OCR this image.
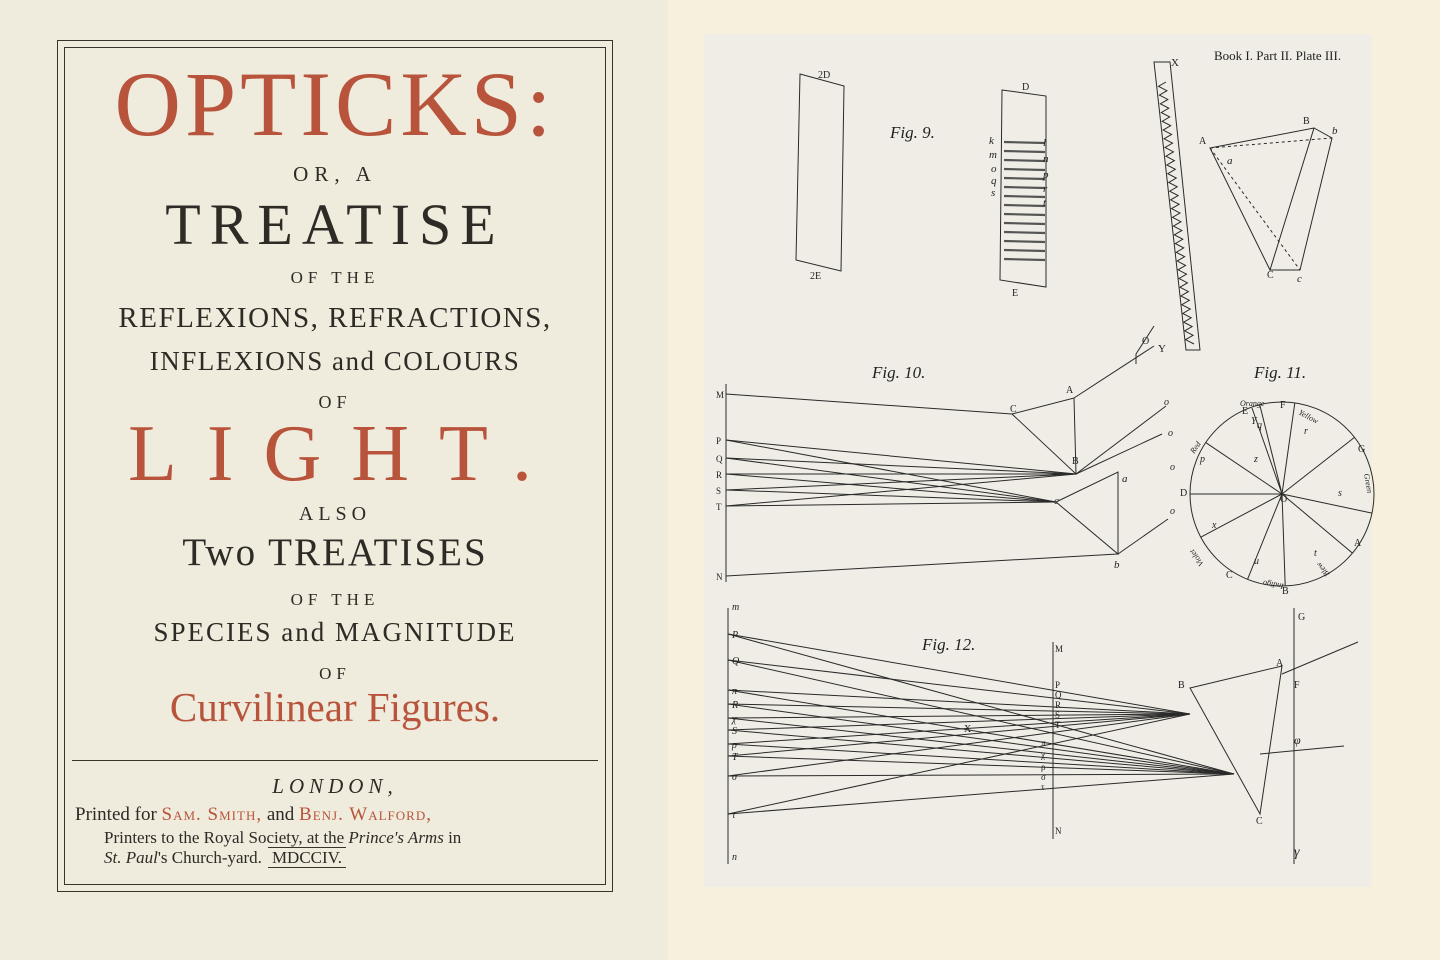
OPTICKS:
OR, A
TREATISE
OF THE
REFLEXIONS, REFRACTIONS,
INFLEXIONS and COLOURS
OF
LIGHT.
ALSO
Two TREATISES
OF THE
SPECIES and MAGNITUDE
OF
Curvilinear Figures.
LONDON,
Printed for Sam. Smith, and Benj. Walford,
Printers to the Royal Society, at the Prince's Arms in
St. Paul's Church-yard. MDCCIV.
Book I. Part II. Plate III.
Fig. 9.
2D
2E
D
E
k
m
o
q
s
l
n
p
r
t
X
Y
O
A
B
b
a
C c
Fig. 10.
M
P
Q
R
S
T
N
C
A
B
c
a
b
o
o
o
o
Fig. 11.
E
F
G
A
B
C
D
Y q
r
s
t
u
x
z
O
p
Orange
Yellow
Green
Blew
Indigo
Violet
Red
Fig. 12.
m
P
Q
π
R
χ
S
ρ
T
σ
τ
n
M
P
Q
R
S
T
π
χ
ρ
σ
τ
N
X
B
A
C
G
F
φ
γ
